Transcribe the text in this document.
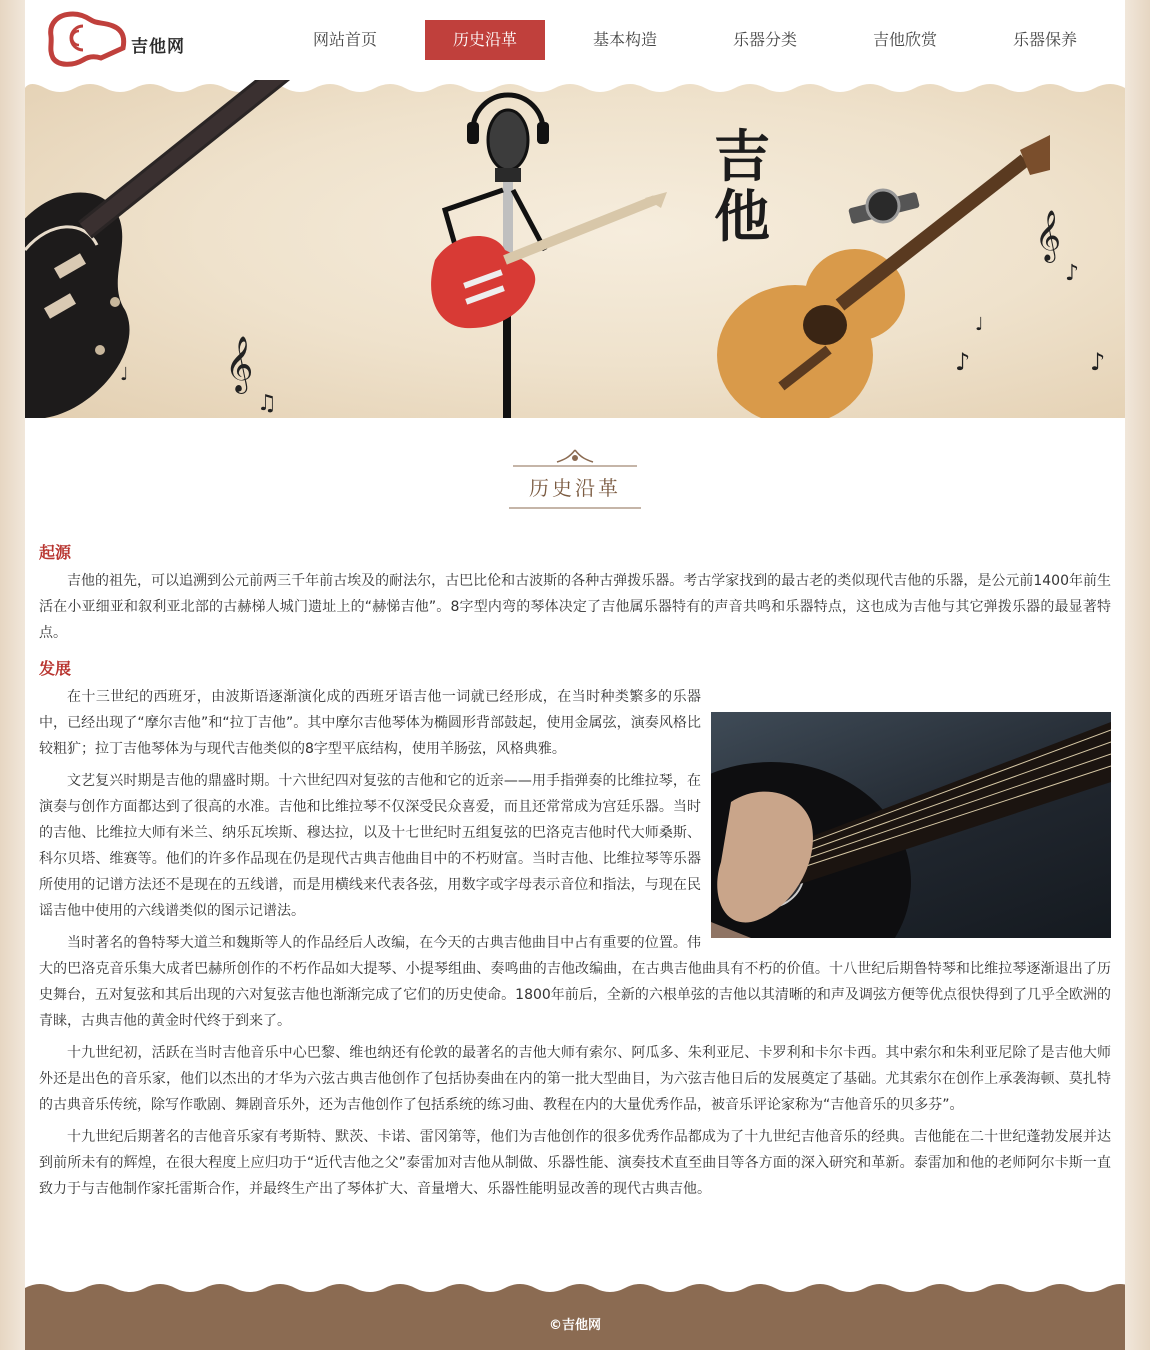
吉他网	网站首页	历史沿革	基本构造	乐器分类	吉他欣赏	乐器保养
𝄞
𝄞
♫
♪
♪	♪
♩
♩
吉他
历史沿革
起源

吉他的祖先，可以追溯到公元前两三千年前古埃及的耐法尔，古巴比伦和古波斯的各种古弹拨乐器。考古学家找到的最古老的类似现代吉他的乐器，是公元前1400年前生活在小亚细亚和叙利亚北部的古赫梯人城门遗址上的“赫悌吉他”。8字型内弯的琴体决定了吉他属乐器特有的声音共鸣和乐器特点，这也成为吉他与其它弹拨乐器的最显著特点。

发展

在十三世纪的西班牙，由波斯语逐渐演化成的西班牙语吉他一词就已经形成，在当时种类繁多的乐器中，已经出现了“摩尔吉他”和“拉丁吉他”。其中摩尔吉他琴体为椭圆形背部鼓起，使用金属弦，演奏风格比较粗犷；拉丁吉他琴体为与现代吉他类似的8字型平底结构，使用羊肠弦，风格典雅。

文艺复兴时期是吉他的鼎盛时期。十六世纪四对复弦的吉他和它的近亲——用手指弹奏的比维拉琴，在演奏与创作方面都达到了很高的水准。吉他和比维拉琴不仅深受民众喜爱，而且还常常成为宫廷乐器。当时的吉他、比维拉大师有米兰、纳乐瓦埃斯、穆达拉，以及十七世纪时五组复弦的巴洛克吉他时代大师桑斯、科尔贝塔、维赛等。他们的许多作品现在仍是现代古典吉他曲目中的不朽财富。当时吉他、比维拉琴等乐器所使用的记谱方法还不是现在的五线谱，而是用横线来代表各弦，用数字或字母表示音位和指法，与现在民谣吉他中使用的六线谱类似的图示记谱法。

当时著名的鲁特琴大道兰和魏斯等人的作品经后人改编，在今天的古典吉他曲目中占有重要的位置。伟大的巴洛克音乐集大成者巴赫所创作的不朽作品如大提琴、小提琴组曲、奏鸣曲的吉他改编曲，在古典吉他曲具有不朽的价值。十八世纪后期鲁特琴和比维拉琴逐渐退出了历史舞台，五对复弦和其后出现的六对复弦吉他也渐渐完成了它们的历史使命。1800年前后，全新的六根单弦的吉他以其清晰的和声及调弦方便等优点很快得到了几乎全欧洲的青睐，古典吉他的黄金时代终于到来了。

十九世纪初，活跃在当时吉他音乐中心巴黎、维也纳还有伦敦的最著名的吉他大师有索尔、阿瓜多、朱利亚尼、卡罗利和卡尔卡西。其中索尔和朱利亚尼除了是吉他大师外还是出色的音乐家，他们以杰出的才华为六弦古典吉他创作了包括协奏曲在内的第一批大型曲目，为六弦吉他日后的发展奠定了基础。尤其索尔在创作上承袭海顿、莫扎特的古典音乐传统，除写作歌剧、舞剧音乐外，还为吉他创作了包括系统的练习曲、教程在内的大量优秀作品，被音乐评论家称为“吉他音乐的贝多芬”。

十九世纪后期著名的吉他音乐家有考斯特、默茨、卡诺、雷冈第等，他们为吉他创作的很多优秀作品都成为了十九世纪吉他音乐的经典。吉他能在二十世纪蓬勃发展并达到前所未有的辉煌，在很大程度上应归功于“近代吉他之父”泰雷加对吉他从制做、乐器性能、演奏技术直至曲目等各方面的深入研究和革新。泰雷加和他的老师阿尔卡斯一直致力于与吉他制作家托雷斯合作，并最终生产出了琴体扩大、音量增大、乐器性能明显改善的现代古典吉他。

©吉他网
